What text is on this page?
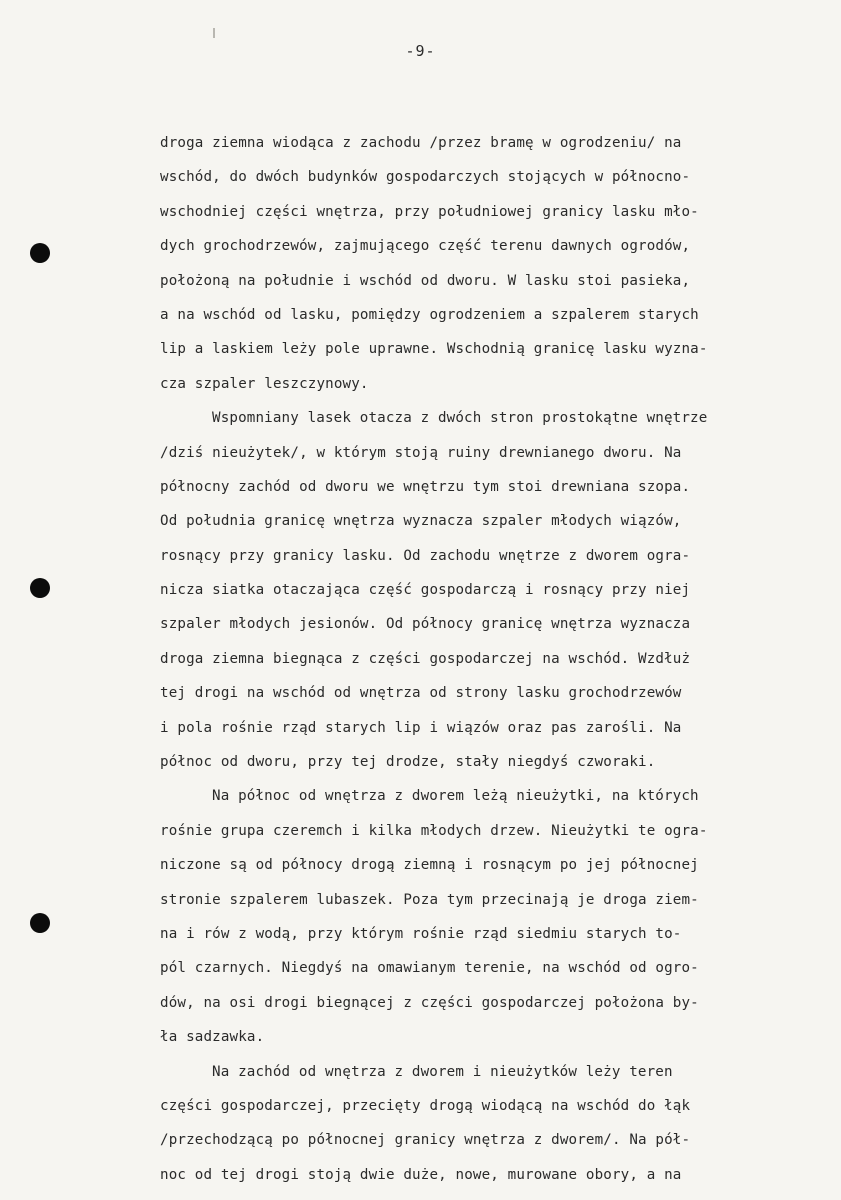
-9-
droga ziemna wiodąca z zachodu /przez bramę w ogrodzeniu/ na
wschód, do dwóch budynków gospodarczych stojących w północno-
wschodniej części wnętrza, przy południowej granicy lasku mło-
dych grochodrzewów, zajmującego część terenu dawnych ogrodów,
położoną na południe i wschód od dworu. W lasku stoi pasieka,
a na wschód od lasku, pomiędzy ogrodzeniem a szpalerem starych
lip a laskiem leży pole uprawne. Wschodnią granicę lasku wyzna-
cza szpaler leszczynowy.
Wspomniany lasek otacza z dwóch stron prostokątne wnętrze
/dziś nieużytek/, w którym stoją ruiny drewnianego dworu. Na
północny zachód od dworu we wnętrzu tym stoi drewniana szopa.
Od południa granicę wnętrza wyznacza szpaler młodych wiązów,
rosnący przy granicy lasku. Od zachodu wnętrze z dworem ogra-
nicza siatka otaczająca część gospodarczą i rosnący przy niej
szpaler młodych jesionów. Od północy granicę wnętrza wyznacza
droga ziemna biegnąca z części gospodarczej na wschód. Wzdłuż
tej drogi na wschód od wnętrza od strony lasku grochodrzewów
i pola rośnie rząd starych lip i wiązów oraz pas zarośli. Na
północ od dworu, przy tej drodze, stały niegdyś czworaki.
Na północ od wnętrza z dworem leżą nieużytki, na których
rośnie grupa czeremch i kilka młodych drzew. Nieużytki te ogra-
niczone są od północy drogą ziemną i rosnącym po jej północnej
stronie szpalerem lubaszek. Poza tym przecinają je droga ziem-
na i rów z wodą, przy którym rośnie rząd siedmiu starych to-
pól czarnych. Niegdyś na omawianym terenie, na wschód od ogro-
dów, na osi drogi biegnącej z części gospodarczej położona by-
ła sadzawka.
Na zachód od wnętrza z dworem i nieużytków leży teren
części gospodarczej, przecięty drogą wiodącą na wschód do łąk
/przechodzącą po północnej granicy wnętrza z dworem/. Na pół-
noc od tej drogi stoją dwie duże, nowe, murowane obory, a na
